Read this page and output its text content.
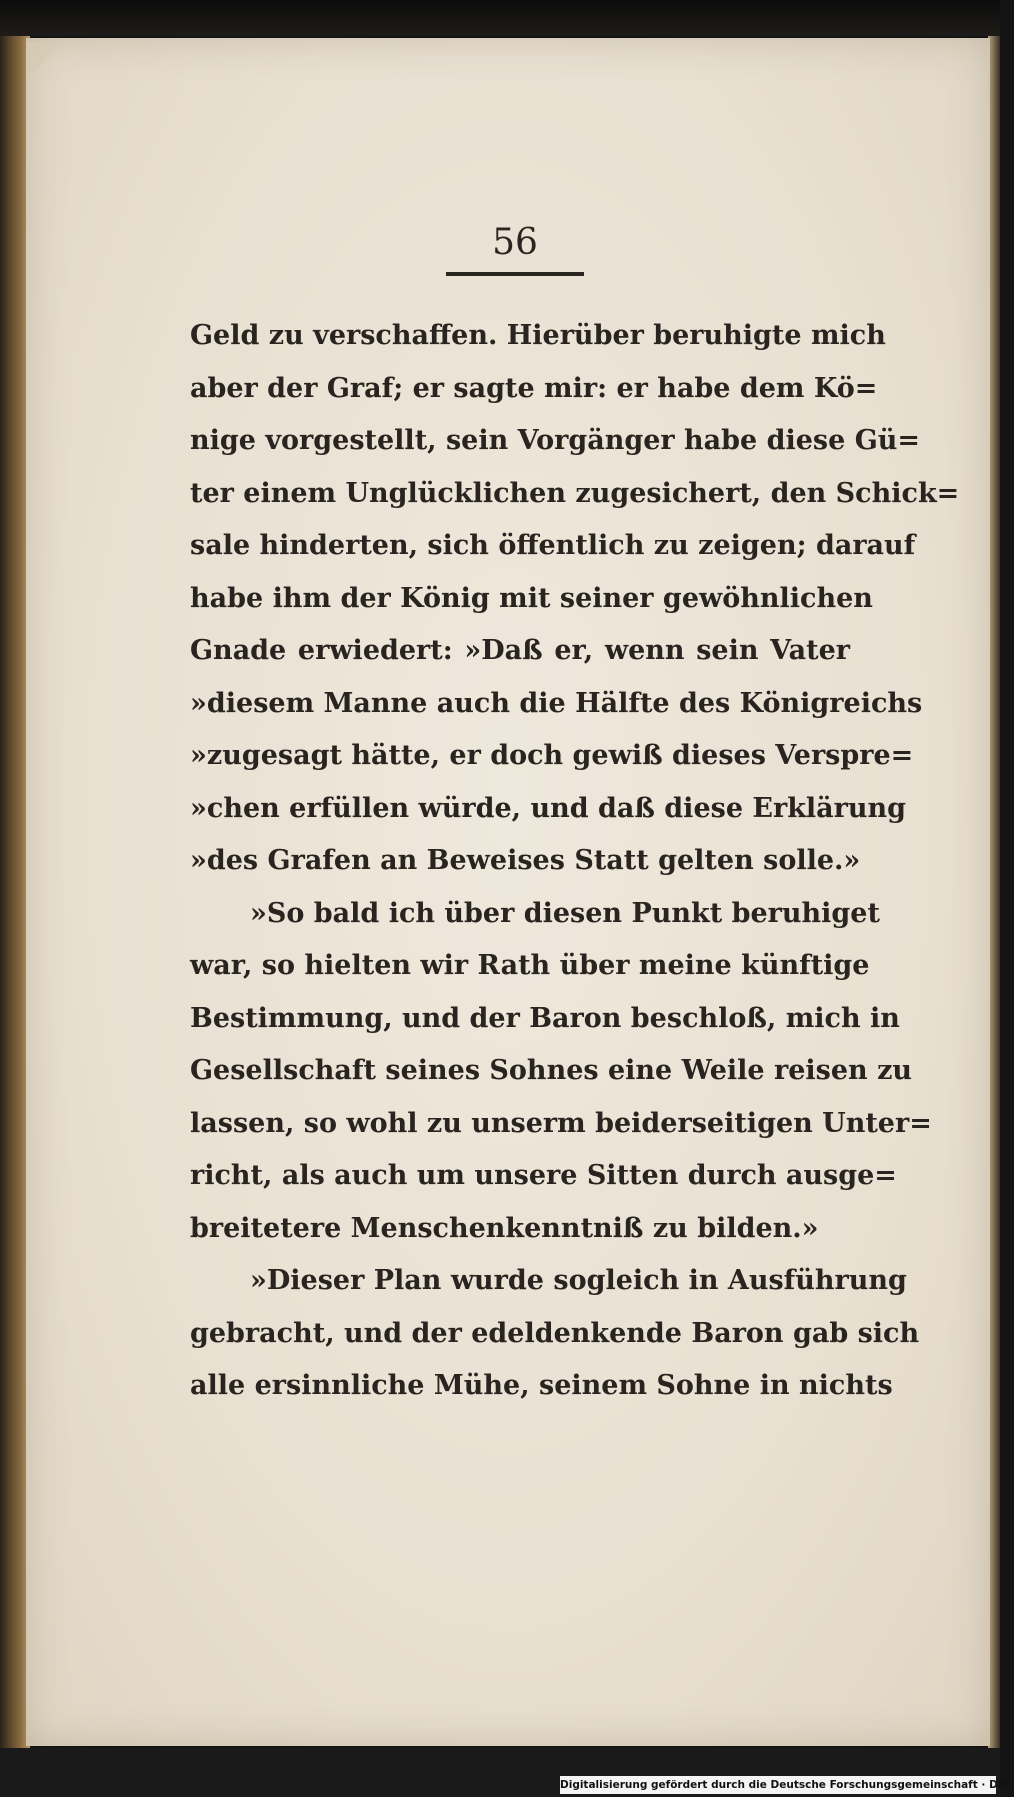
56
Geld zu verschaffen. Hierüber beruhigte mich
aber der Graf; er sagte mir: er habe dem Kö=
nige vorgestellt, sein Vorgänger habe diese Gü=
ter einem Unglücklichen zugesichert, den Schick=
sale hinderten, sich öffentlich zu zeigen; darauf
habe ihm der König mit seiner gewöhnlichen
Gnade erwiedert: »Daß er, wenn sein Vater
»diesem Manne auch die Hälfte des Königreichs
»zugesagt hätte, er doch gewiß dieses Verspre=
»chen erfüllen würde, und daß diese Erklärung
»des Grafen an Beweises Statt gelten solle.»
»So bald ich über diesen Punkt beruhiget
war, so hielten wir Rath über meine künftige
Bestimmung, und der Baron beschloß, mich in
Gesellschaft seines Sohnes eine Weile reisen zu
lassen, so wohl zu unserm beiderseitigen Unter=
richt, als auch um unsere Sitten durch ausge=
breitetere Menschenkenntniß zu bilden.»
»Dieser Plan wurde sogleich in Ausführung
gebracht, und der edeldenkende Baron gab sich
alle ersinnliche Mühe, seinem Sohne in nichts
Digitalisierung gefördert durch die Deutsche Forschungsgemeinschaft · DFG
